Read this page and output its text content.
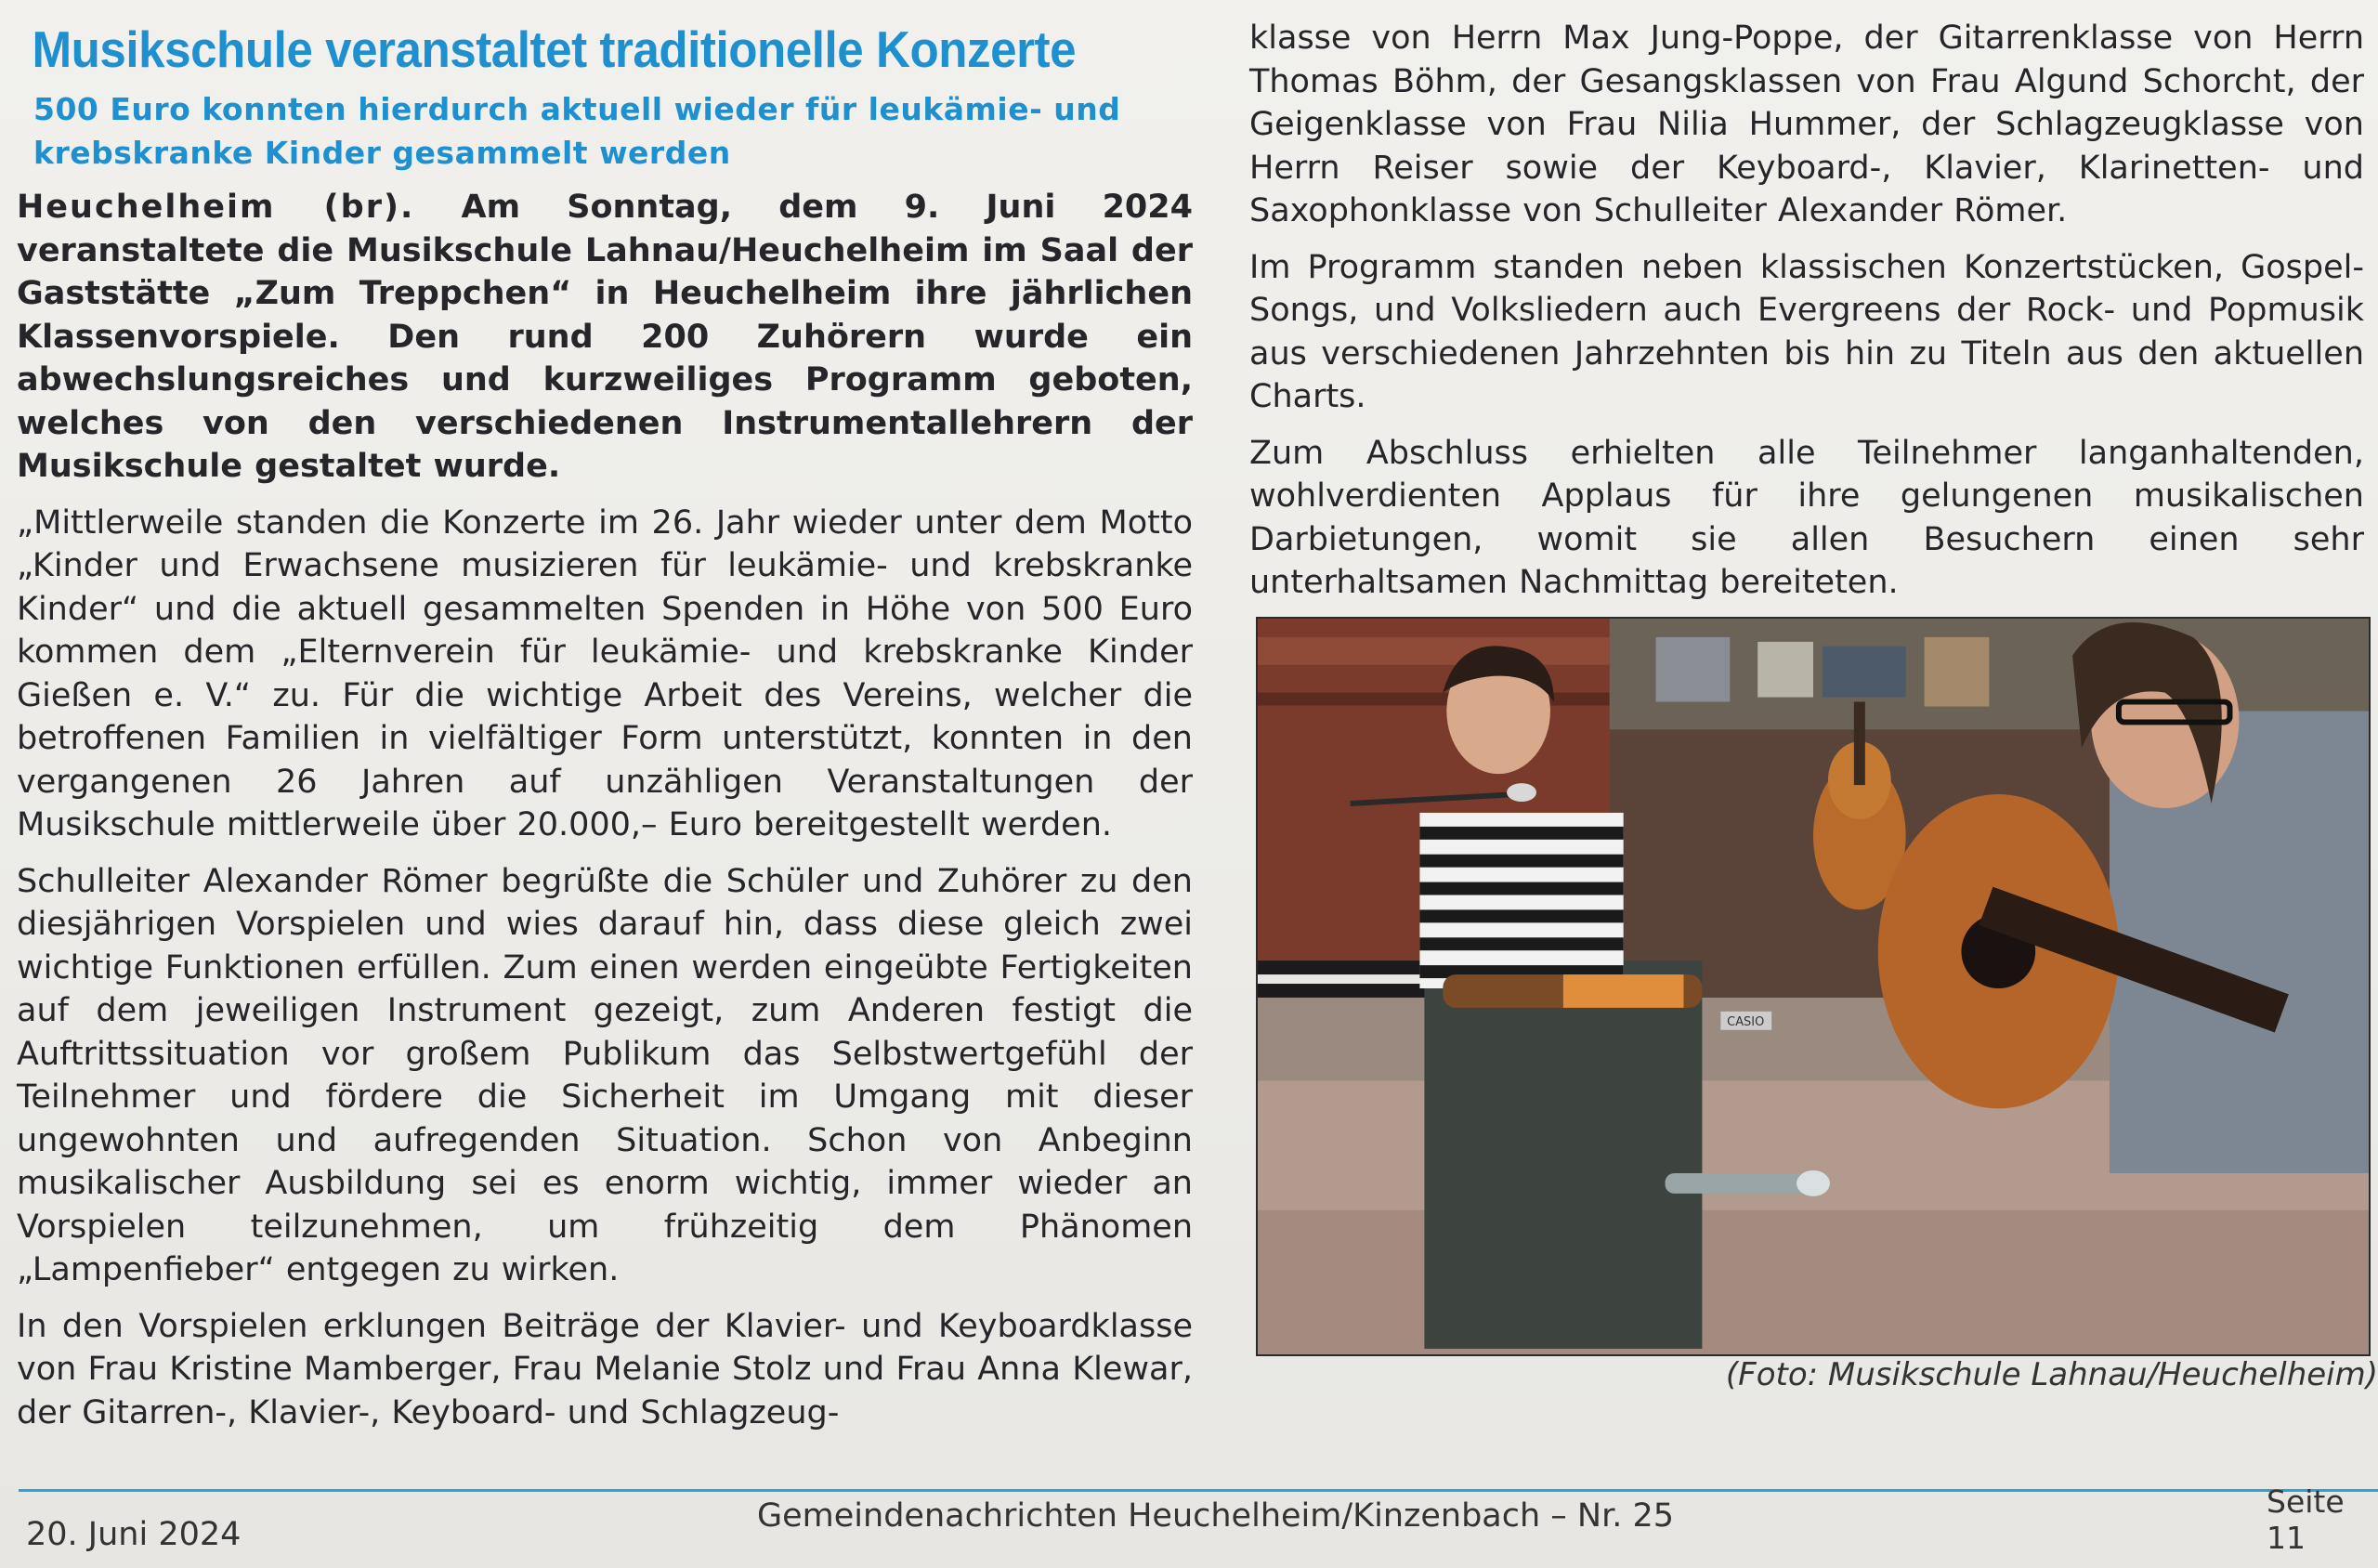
Musikschule veranstaltet traditionelle Konzerte
500 Euro konnten hierdurch aktuell wieder für leukämie- und krebskranke Kinder gesammelt werden

Heuchelheim (br). Am Sonntag, dem 9. Juni 2024 veranstaltete die Musikschule Lahnau/Heuchelheim im Saal der Gaststätte „Zum Treppchen“ in Heuchelheim ihre jährlichen Klassenvorspiele. Den rund 200 Zuhörern wurde ein abwechslungsreiches und kurzweiliges Programm geboten, welches von den verschiedenen Instrumentallehrern der Musikschule gestaltet wurde.

„Mittlerweile standen die Konzerte im 26. Jahr wieder unter dem Motto „Kinder und Erwachsene musizieren für leukämie- und krebskranke Kinder“ und die aktuell gesammelten Spenden in Höhe von 500 Euro kommen dem „Elternverein für leukämie- und krebskranke Kinder Gießen e. V.“ zu. Für die wichtige Arbeit des Vereins, welcher die betroffenen Familien in vielfältiger Form unterstützt, konnten in den vergangenen 26 Jahren auf unzähligen Veranstaltungen der Musikschule mittlerweile über 20.000,– Euro bereitgestellt werden.

Schulleiter Alexander Römer begrüßte die Schüler und Zuhörer zu den diesjährigen Vorspielen und wies darauf hin, dass diese gleich zwei wichtige Funktionen erfüllen. Zum einen werden eingeübte Fertigkeiten auf dem jeweiligen Instrument gezeigt, zum Anderen festigt die Auftrittssituation vor großem Publikum das Selbstwertgefühl der Teilnehmer und fördere die Sicherheit im Umgang mit dieser ungewohnten und aufregenden Situation. Schon von Anbeginn musikalischer Ausbildung sei es enorm wichtig, immer wieder an Vorspielen teilzunehmen, um frühzeitig dem Phänomen „Lampenfieber“ entgegen zu wirken.

In den Vorspielen erklungen Beiträge der Klavier- und Keyboardklasse von Frau Kristine Mamberger, Frau Melanie Stolz und Frau Anna Klewar, der Gitarren-, Klavier-, Keyboard- und Schlagzeug-

klasse von Herrn Max Jung-Poppe, der Gitarrenklasse von Herrn Thomas Böhm, der Gesangsklassen von Frau Algund Schorcht, der Geigenklasse von Frau Nilia Hummer, der Schlagzeugklasse von Herrn Reiser sowie der Keyboard-, Klavier, Klarinetten- und Saxophonklasse von Schulleiter Alexander Römer.

Im Programm standen neben klassischen Konzertstücken, Gospel-Songs, und Volksliedern auch Evergreens der Rock- und Popmusik aus verschiedenen Jahrzehnten bis hin zu Titeln aus den aktuellen Charts.

Zum Abschluss erhielten alle Teilnehmer langanhaltenden, wohlverdienten Applaus für ihre gelungenen musikalischen Darbietungen, womit sie allen Besuchern einen sehr unterhaltsamen Nachmittag bereiteten.

CASIO
(Foto: Musikschule Lahnau/Heuchelheim)
20. Juni 2024	Gemeindenachrichten Heuchelheim/Kinzenbach – Nr. 25	Seite 11
